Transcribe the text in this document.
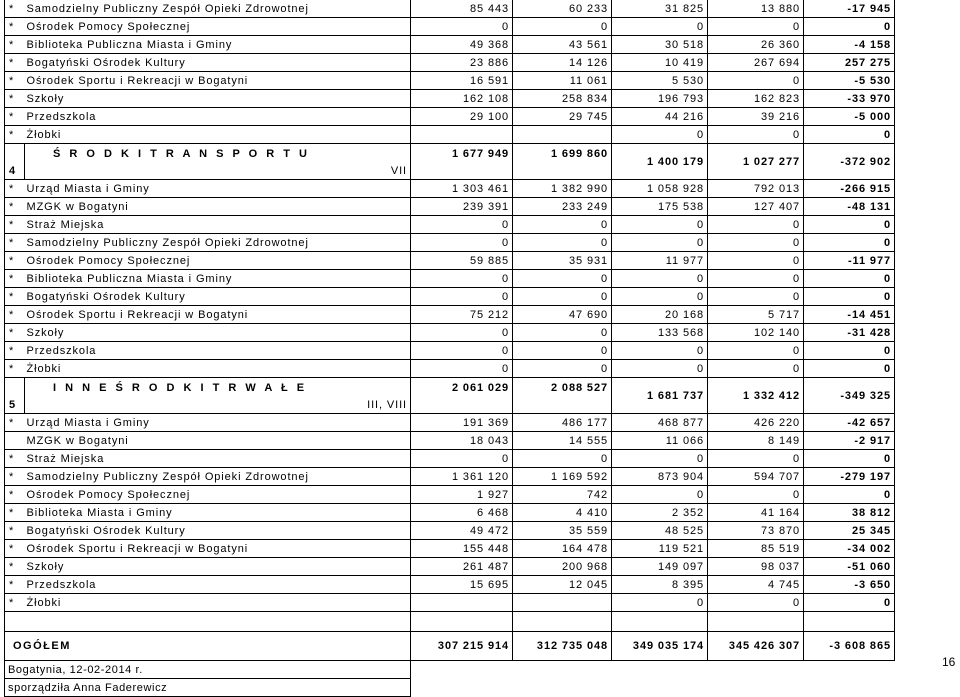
*	Samodzielny Publiczny Zespół Opieki Zdrowotnej	85 443	60 233	31 825	13 880	-17 945
*	Ośrodek Pomocy Społecznej	0	0	0	0	0
*	Biblioteka Publiczna Miasta i Gminy	49 368	43 561	30 518	26 360	-4 158
*	Bogatyński Ośrodek Kultury	23 886	14 126	10 419	267 694	257 275
*	Ośrodek Sportu i Rekreacji w Bogatyni	16 591	11 061	5 530	0	-5 530
*	Szkoły	162 108	258 834	196 793	162 823	-33 970
*	Przedszkola	29 100	29 745	44 216	39 216	-5 000
*	Żłobki			0	0	0
4	Ś R O D K I T R A N S P O R T U	1 677 949	1 699 860	1 400 179	1 027 277	-372 902
	VII					
*	Urząd Miasta i Gminy	1 303 461	1 382 990	1 058 928	792 013	-266 915
*	MZGK w Bogatyni	239 391	233 249	175 538	127 407	-48 131
*	Straż Miejska	0	0	0	0	0
*	Samodzielny Publiczny Zespół Opieki Zdrowotnej	0	0	0	0	0
*	Ośrodek Pomocy Społecznej	59 885	35 931	11 977	0	-11 977
*	Biblioteka Publiczna Miasta i Gminy	0	0	0	0	0
*	Bogatyński Ośrodek Kultury	0	0	0	0	0
*	Ośrodek Sportu i Rekreacji w Bogatyni	75 212	47 690	20 168	5 717	-14 451
*	Szkoły	0	0	133 568	102 140	-31 428
*	Przedszkola	0	0	0	0	0
*	Żłobki	0	0	0	0	0
5	I N N E Ś R O D K I T R W A Ł E	2 061 029	2 088 527	1 681 737	1 332 412	-349 325
	III, VIII					
*	Urząd Miasta i Gminy	191 369	486 177	468 877	426 220	-42 657
	MZGK w Bogatyni	18 043	14 555	11 066	8 149	-2 917
*	Straż Miejska	0	0	0	0	0
*	Samodzielny Publiczny Zespół Opieki Zdrowotnej	1 361 120	1 169 592	873 904	594 707	-279 197
*	Ośrodek Pomocy Społecznej	1 927	742	0	0	0
*	Biblioteka Miasta i Gminy	6 468	4 410	2 352	41 164	38 812
*	Bogatyński Ośrodek Kultury	49 472	35 559	48 525	73 870	25 345
*	Ośrodek Sportu i Rekreacji w Bogatyni	155 448	164 478	119 521	85 519	-34 002
*	Szkoły	261 487	200 968	149 097	98 037	-51 060
*	Przedszkola	15 695	12 045	8 395	4 745	-3 650
*	Żłobki			0	0	0

OGÓŁEM		307 215 914	312 735 048	349 035 174	345 426 307	-3 608 865
Bogatynia, 12-02-2014 r.						
sporządziła Anna Faderewicz						
16
